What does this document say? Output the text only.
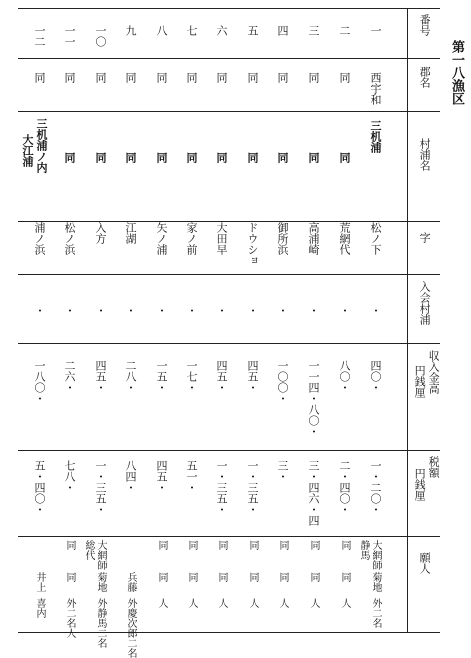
第一八漁区
番号
郡名
村浦名
字
入会村浦
収入金高
円銭厘
税額
円銭厘
願人
一
西宇和
松ノ下
・
四〇・
一・二〇・
大網師
静馬
菊地
外二名
二
同
荒網代
・
八〇・
二・四〇・
同
同
人
三
同
高浦崎
・
一一四・八〇・
三・四六・四
同
同
人
四
同
御所浜
・
一〇〇・
三・
同
同
人
五
同
ドウショ
・
四五・
一・三五・
同
同
人
六
同
大田早
・
四五・
一・三五・
同
同
人
七
同
家ノ前
・
一七・
五一・
同
同
人
八
同
矢ノ浦
・
一五・
四五・
同
同
人
九
同
江湖
・
二八・
八四・
兵藤
外慶次郎二名
一〇
同
入方
・
四五・
一・三五・
大網師
総代
菊地
外静馬二名
一一
同
松ノ浜
・
二六・
七八・
同
同
外二名人
一二
同
浦ノ浜
・
一八〇・
五・四〇・
井上
喜内
同
同
同
同
同
同
同
同
同
同
三机浦
三机浦ノ内
大江浦
